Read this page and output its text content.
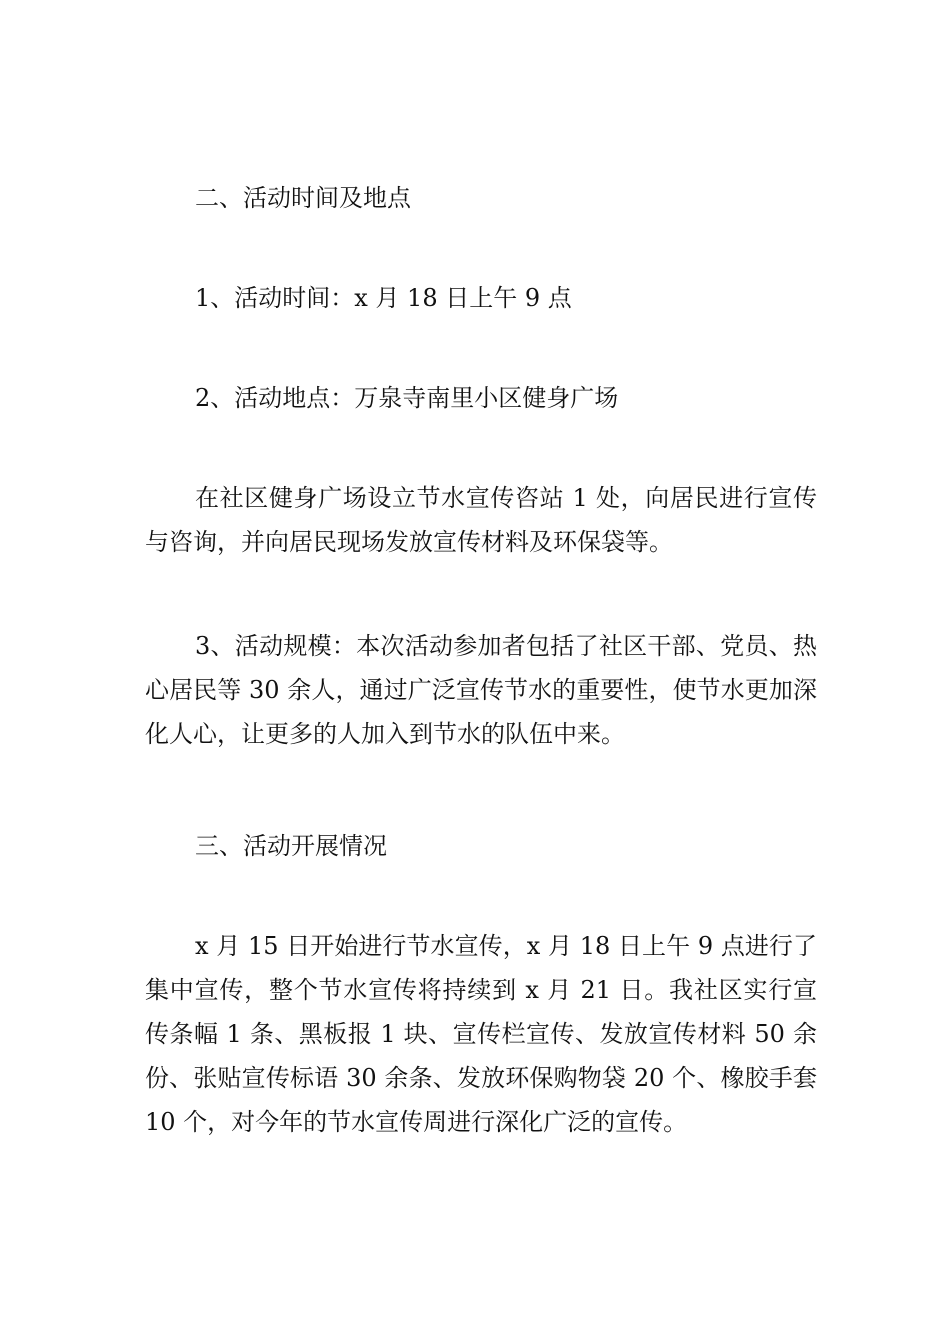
二、活动时间及地点

1、活动时间：x 月 18 日上午 9 点

2、活动地点：万泉寺南里小区健身广场

在社区健身广场设立节水宣传咨站 1 处，向居民进行宣传与咨询，并向居民现场发放宣传材料及环保袋等。

3、活动规模：本次活动参加者包括了社区干部、党员、热心居民等 30 余人，通过广泛宣传节水的重要性，使节水更加深化人心，让更多的人加入到节水的队伍中来。

三、活动开展情况

x 月 15 日开始进行节水宣传，x 月 18 日上午 9 点进行了集中宣传，整个节水宣传将持续到 x 月 21 日。我社区实行宣传条幅 1 条、黑板报 1 块、宣传栏宣传、发放宣传材料 50 余份、张贴宣传标语 30 余条、发放环保购物袋 20 个、橡胶手套 10 个，对今年的节水宣传周进行深化广泛的宣传。
